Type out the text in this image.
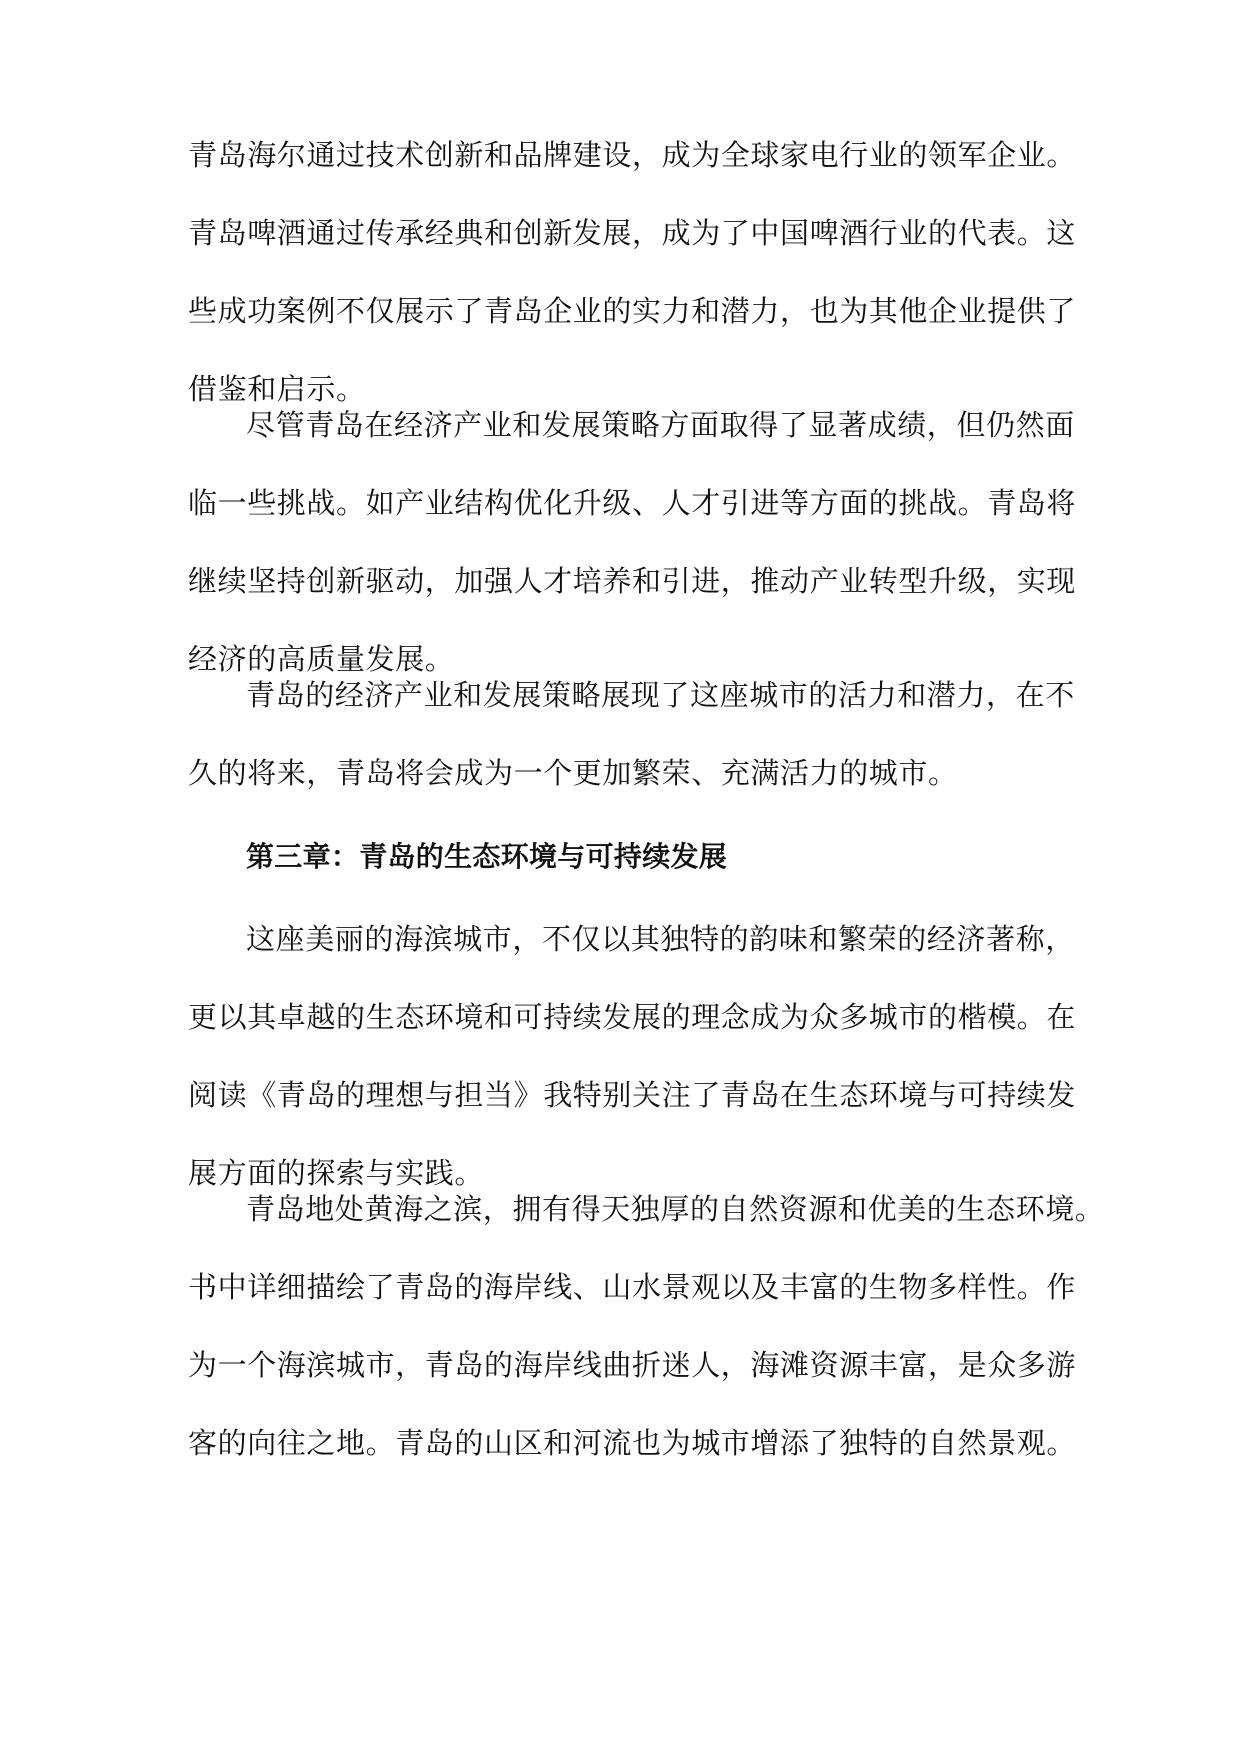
青岛海尔通过技术创新和品牌建设，成为全球家电行业的领军企业。
青岛啤酒通过传承经典和创新发展，成为了中国啤酒行业的代表。这
些成功案例不仅展示了青岛企业的实力和潜力，也为其他企业提供了
借鉴和启示。
尽管青岛在经济产业和发展策略方面取得了显著成绩，但仍然面
临一些挑战。如产业结构优化升级、人才引进等方面的挑战。青岛将
继续坚持创新驱动，加强人才培养和引进，推动产业转型升级，实现
经济的高质量发展。
青岛的经济产业和发展策略展现了这座城市的活力和潜力，在不
久的将来，青岛将会成为一个更加繁荣、充满活力的城市。
第三章：青岛的生态环境与可持续发展
这座美丽的海滨城市，不仅以其独特的韵味和繁荣的经济著称，
更以其卓越的生态环境和可持续发展的理念成为众多城市的楷模。在
阅读《青岛的理想与担当》我特别关注了青岛在生态环境与可持续发
展方面的探索与实践。
青岛地处黄海之滨，拥有得天独厚的自然资源和优美的生态环境。
书中详细描绘了青岛的海岸线、山水景观以及丰富的生物多样性。作
为一个海滨城市，青岛的海岸线曲折迷人，海滩资源丰富，是众多游
客的向往之地。青岛的山区和河流也为城市增添了独特的自然景观。
